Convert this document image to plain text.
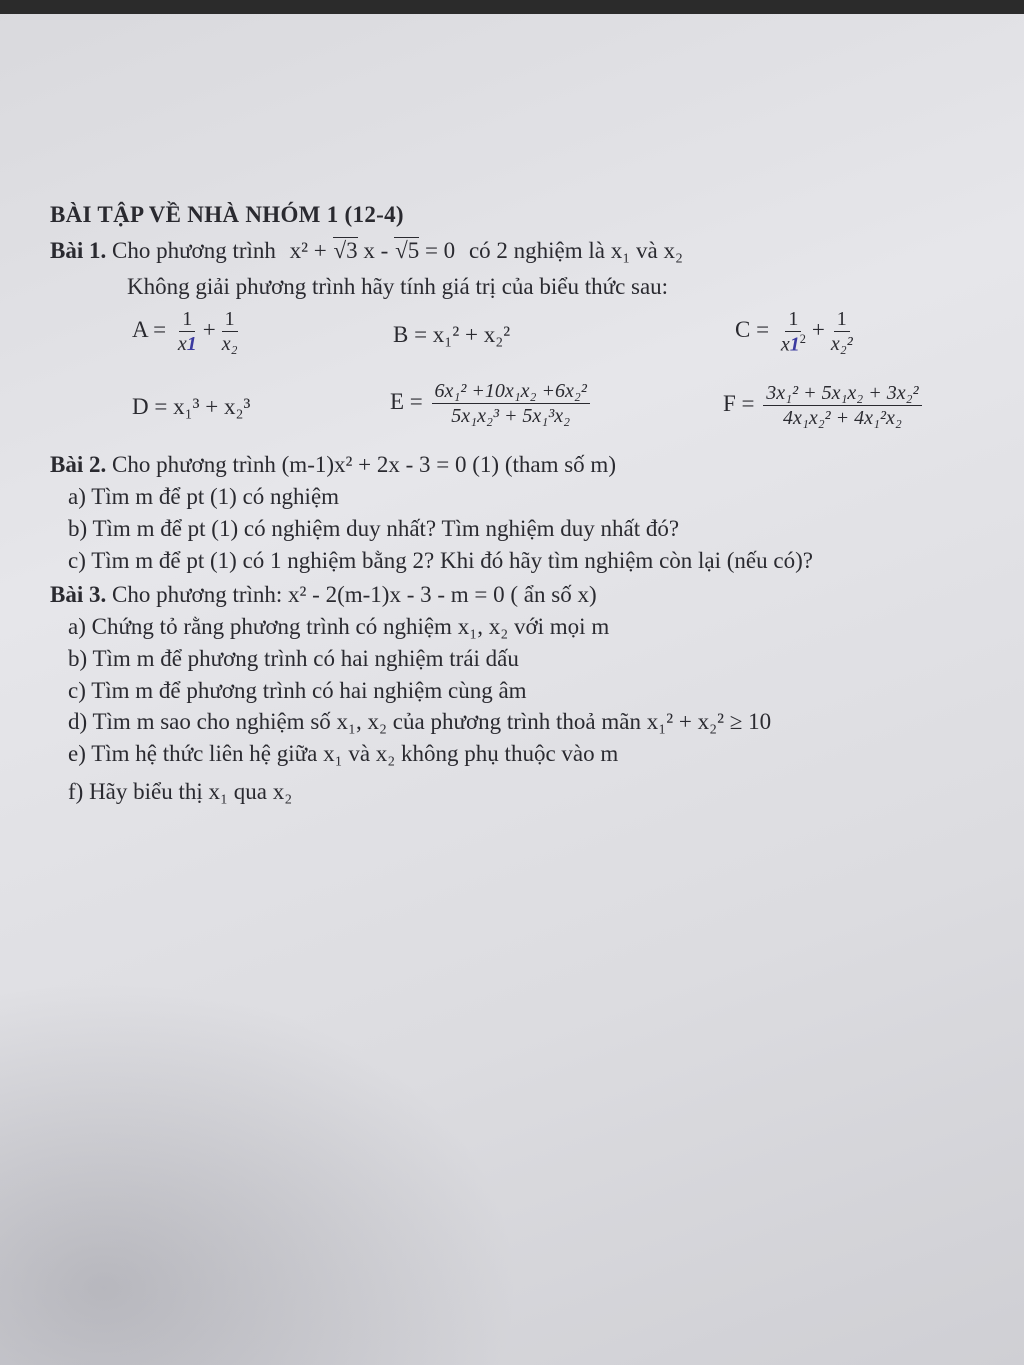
BÀI TẬP VỀ NHÀ NHÓM 1 (12-4)
Bài 1. Cho phương trình x² + √3 x - √5 = 0 có 2 nghiệm là x₁ và x₂
Không giải phương trình hãy tính giá trị của biểu thức sau:
$A = \frac{1}{x1} + \frac{1}{\text{x₂}}$	B = x₁² + x₂²	$C = \frac{1}{x1^2} + \frac{1}{\text{x₂²}}$
D = x₁³ + x₂³	$E = \frac{\text{6x₁² +10x₁x₂ +6x₂²}}{\text{5x₁x₂³ + 5x₁³x₂}}$	$F = \frac{\text{3x₁² + 5x₁x₂ + 3x₂²}}{\text{4x₁x₂² + 4x₁²x₂}}$
Bài 2. Cho phương trình (m-1)x² + 2x - 3 = 0 (1) (tham số m)
a) Tìm m để pt (1) có nghiệm
b) Tìm m để pt (1) có nghiệm duy nhất? Tìm nghiệm duy nhất đó?
c) Tìm m để pt (1) có 1 nghiệm bằng 2? Khi đó hãy tìm nghiệm còn lại (nếu có)?
Bài 3. Cho phương trình: x² - 2(m-1)x - 3 - m = 0 ( ẩn số x)
a) Chứng tỏ rằng phương trình có nghiệm x₁, x₂ với mọi m
b) Tìm m để phương trình có hai nghiệm trái dấu
c) Tìm m để phương trình có hai nghiệm cùng âm
d) Tìm m sao cho nghiệm số x₁, x₂ của phương trình thoả mãn x₁² + x₂² ≥ 10
e) Tìm hệ thức liên hệ giữa x₁ và x₂ không phụ thuộc vào m
f) Hãy biểu thị x₁ qua x₂
